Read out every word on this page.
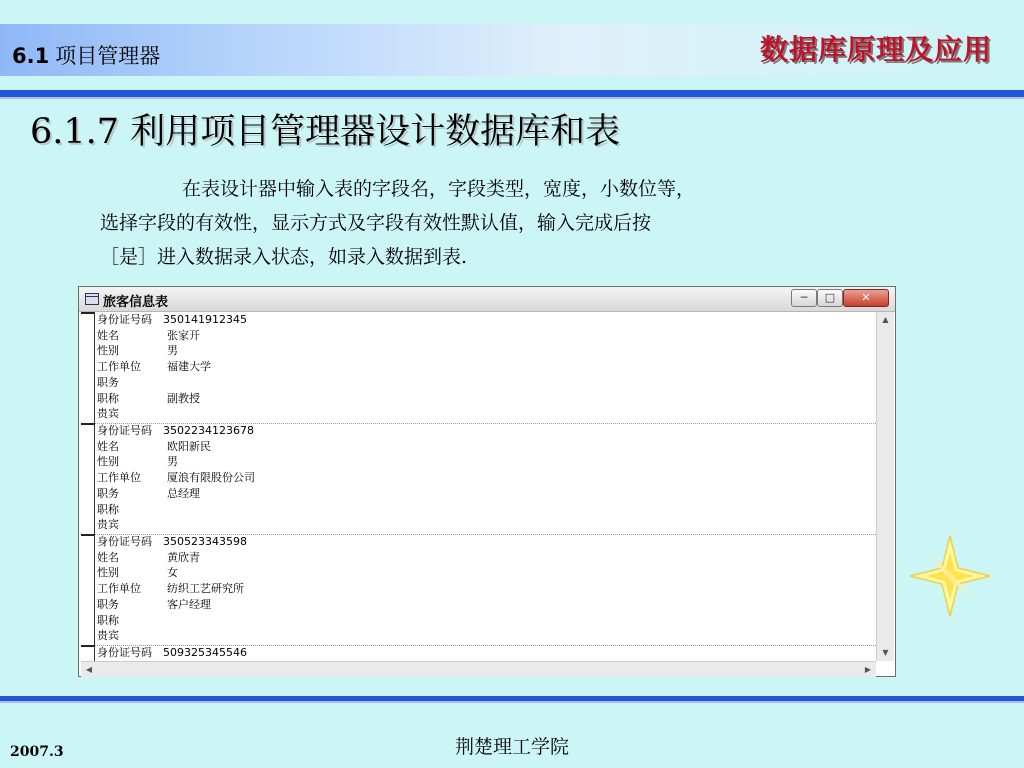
6.1 项目管理器	数据库原理及应用
6.1.7 利用项目管理器设计数据库和表

在表设计器中输入表的字段名，字段类型，宽度，小数位等，

选择字段的有效性，显示方式及字段有效性默认值，输入完成后按

［是］进入数据录入状态，如录入数据到表.

旅客信息表	─	□	✕
身份证号码	350141912345
姓名	张家开
性别	男
工作单位	福建大学
职务
职称	副教授
贵宾
身份证号码	3502234123678
姓名	欧阳新民
性别	男
工作单位	厦浪有限股份公司
职务	总经理
职称
贵宾
身份证号码	350523343598
姓名	黄欣青
性别	女
工作单位	纺织工艺研究所
职务	客户经理
职称
贵宾
身份证号码	509325345546
▲
▼
◀	▶
荆楚理工学院
2007.3
